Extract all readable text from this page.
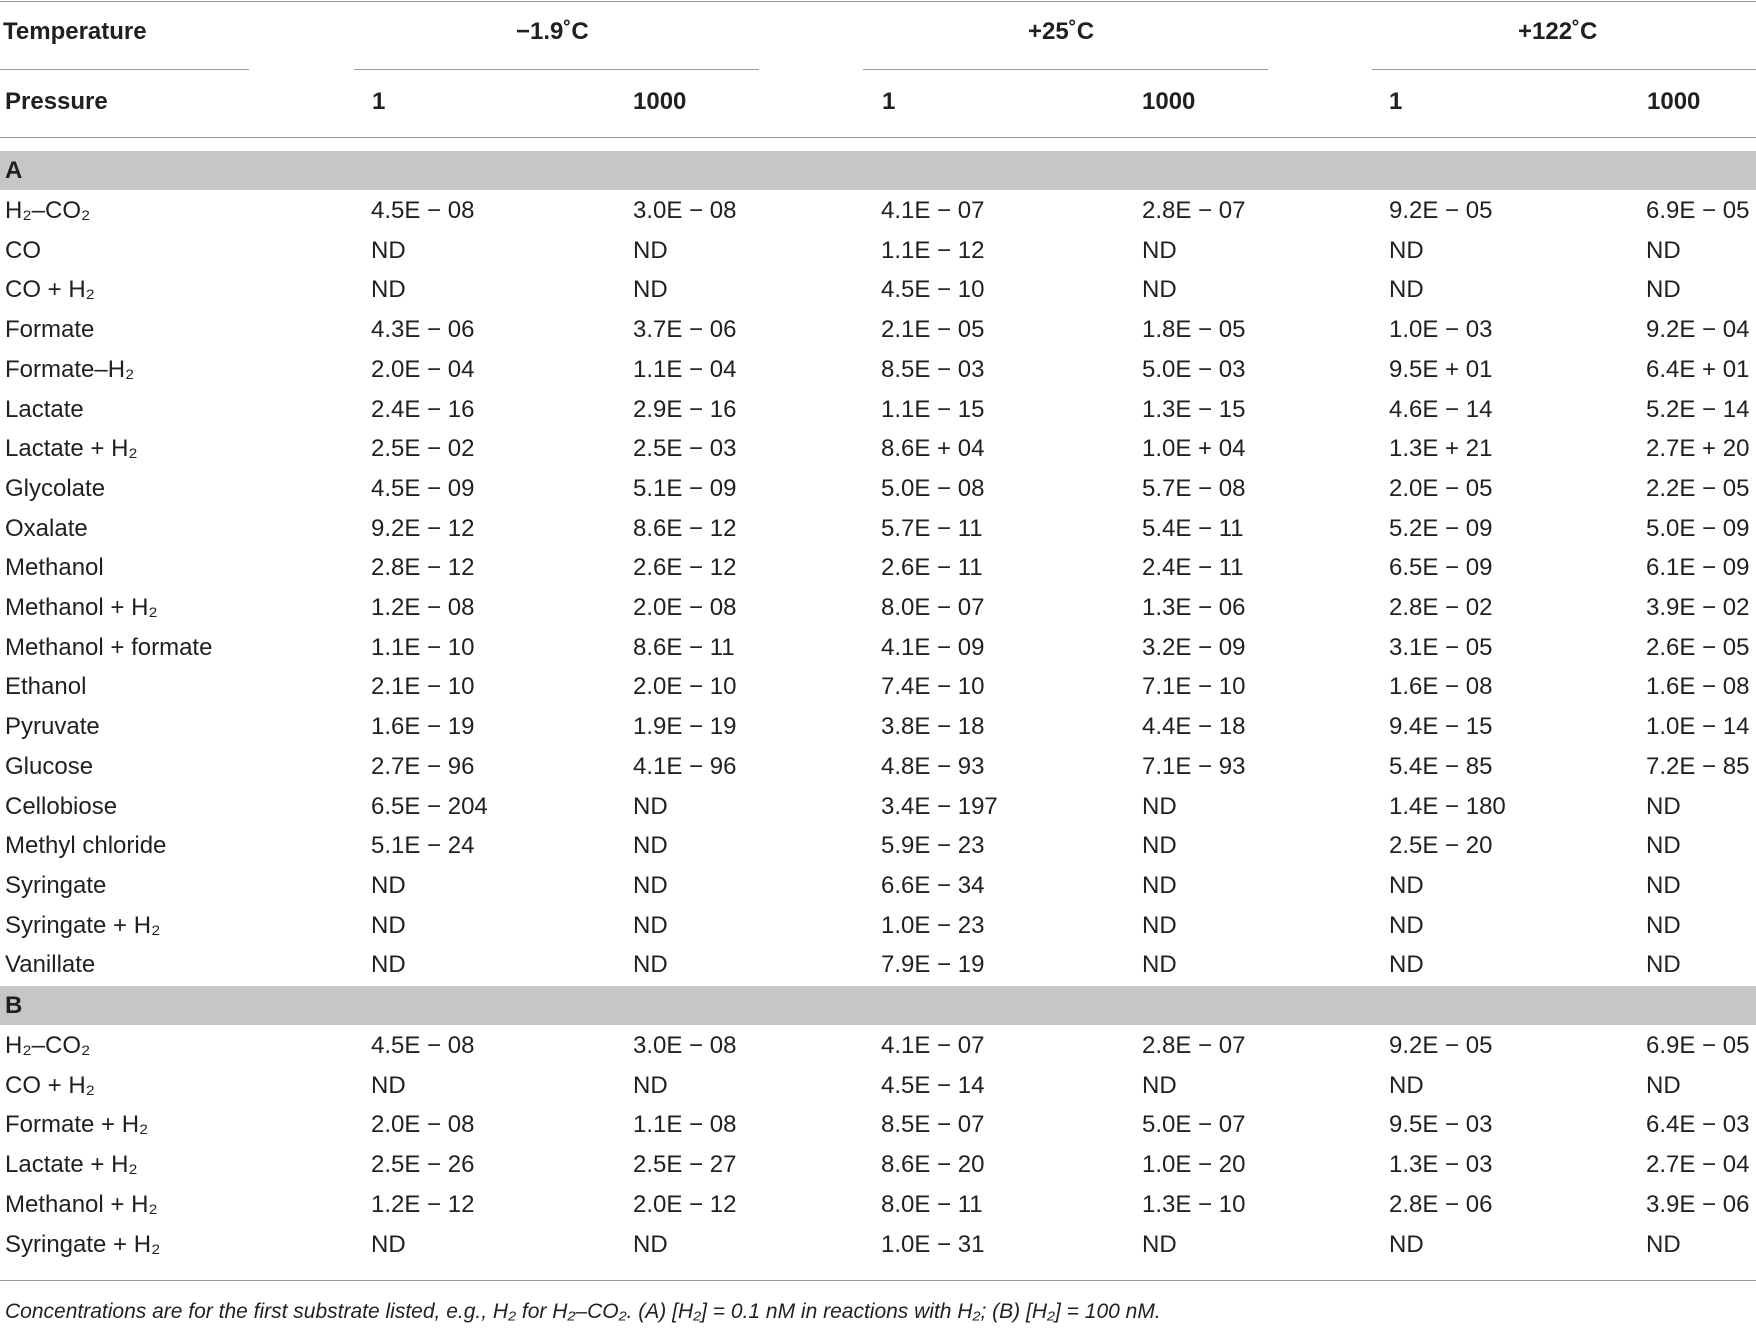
Temperature	−1.9˚C	+25˚C	+122˚C
Pressure	1	1000	1	1000	1	1000
A
H₂–CO₂	4.5E − 08	3.0E − 08	4.1E − 07	2.8E − 07	9.2E − 05	6.9E − 05
CO	ND	ND	1.1E − 12	ND	ND	ND
CO + H₂	ND	ND	4.5E − 10	ND	ND	ND
Formate	4.3E − 06	3.7E − 06	2.1E − 05	1.8E − 05	1.0E − 03	9.2E − 04
Formate–H₂	2.0E − 04	1.1E − 04	8.5E − 03	5.0E − 03	9.5E + 01	6.4E + 01
Lactate	2.4E − 16	2.9E − 16	1.1E − 15	1.3E − 15	4.6E − 14	5.2E − 14
Lactate + H₂	2.5E − 02	2.5E − 03	8.6E + 04	1.0E + 04	1.3E + 21	2.7E + 20
Glycolate	4.5E − 09	5.1E − 09	5.0E − 08	5.7E − 08	2.0E − 05	2.2E − 05
Oxalate	9.2E − 12	8.6E − 12	5.7E − 11	5.4E − 11	5.2E − 09	5.0E − 09
Methanol	2.8E − 12	2.6E − 12	2.6E − 11	2.4E − 11	6.5E − 09	6.1E − 09
Methanol + H₂	1.2E − 08	2.0E − 08	8.0E − 07	1.3E − 06	2.8E − 02	3.9E − 02
Methanol + formate	1.1E − 10	8.6E − 11	4.1E − 09	3.2E − 09	3.1E − 05	2.6E − 05
Ethanol	2.1E − 10	2.0E − 10	7.4E − 10	7.1E − 10	1.6E − 08	1.6E − 08
Pyruvate	1.6E − 19	1.9E − 19	3.8E − 18	4.4E − 18	9.4E − 15	1.0E − 14
Glucose	2.7E − 96	4.1E − 96	4.8E − 93	7.1E − 93	5.4E − 85	7.2E − 85
Cellobiose	6.5E − 204	ND	3.4E − 197	ND	1.4E − 180	ND
Methyl chloride	5.1E − 24	ND	5.9E − 23	ND	2.5E − 20	ND
Syringate	ND	ND	6.6E − 34	ND	ND	ND
Syringate + H₂	ND	ND	1.0E − 23	ND	ND	ND
Vanillate	ND	ND	7.9E − 19	ND	ND	ND
B
H₂–CO₂	4.5E − 08	3.0E − 08	4.1E − 07	2.8E − 07	9.2E − 05	6.9E − 05
CO + H₂	ND	ND	4.5E − 14	ND	ND	ND
Formate + H₂	2.0E − 08	1.1E − 08	8.5E − 07	5.0E − 07	9.5E − 03	6.4E − 03
Lactate + H₂	2.5E − 26	2.5E − 27	8.6E − 20	1.0E − 20	1.3E − 03	2.7E − 04
Methanol + H₂	1.2E − 12	2.0E − 12	8.0E − 11	1.3E − 10	2.8E − 06	3.9E − 06
Syringate + H₂	ND	ND	1.0E − 31	ND	ND	ND
Concentrations are for the first substrate listed, e.g., H₂ for H₂–CO₂. (A) [H₂] = 0.1 nM in reactions with H₂; (B) [H₂] = 100 nM.
